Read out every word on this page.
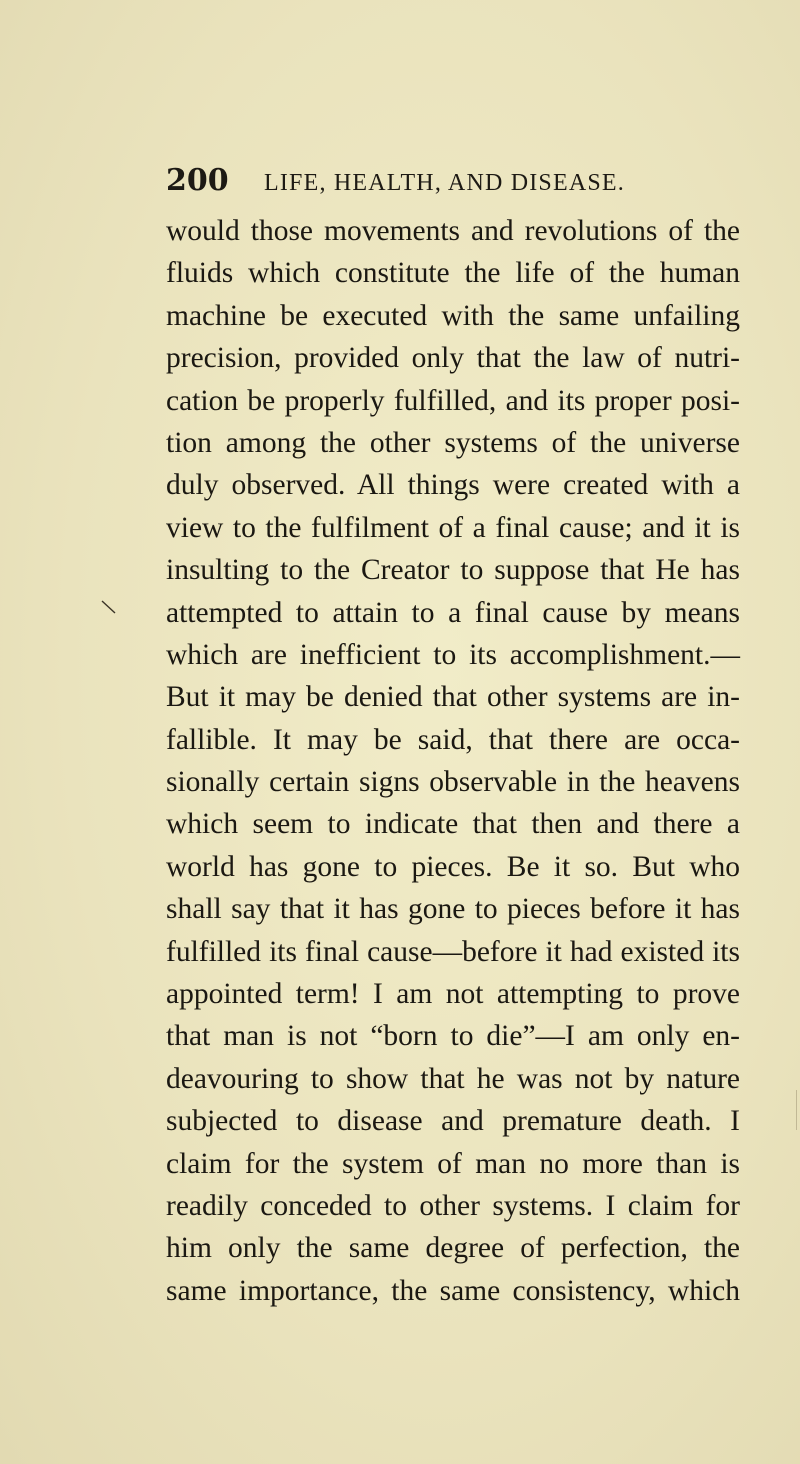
200 LIFE, HEALTH, AND DISEASE.
would those movements and revolutions of the
fluids which constitute the life of the human
machine be executed with the same unfailing
precision, provided only that the law of nutri-
cation be properly fulfilled, and its proper posi-
tion among the other systems of the universe
duly observed. All things were created with a
view to the fulfilment of a final cause; and it is
insulting to the Creator to suppose that He has
attempted to attain to a final cause by means
which are inefficient to its accomplishment.—
But it may be denied that other systems are in-
fallible. It may be said, that there are occa-
sionally certain signs observable in the heavens
which seem to indicate that then and there a
world has gone to pieces. Be it so. But who
shall say that it has gone to pieces before it has
fulfilled its final cause—before it had existed its
appointed term! I am not attempting to prove
that man is not “born to die”—I am only en-
deavouring to show that he was not by nature
subjected to disease and premature death. I
claim for the system of man no more than is
readily conceded to other systems. I claim for
him only the same degree of perfection, the
same importance, the same consistency, which
